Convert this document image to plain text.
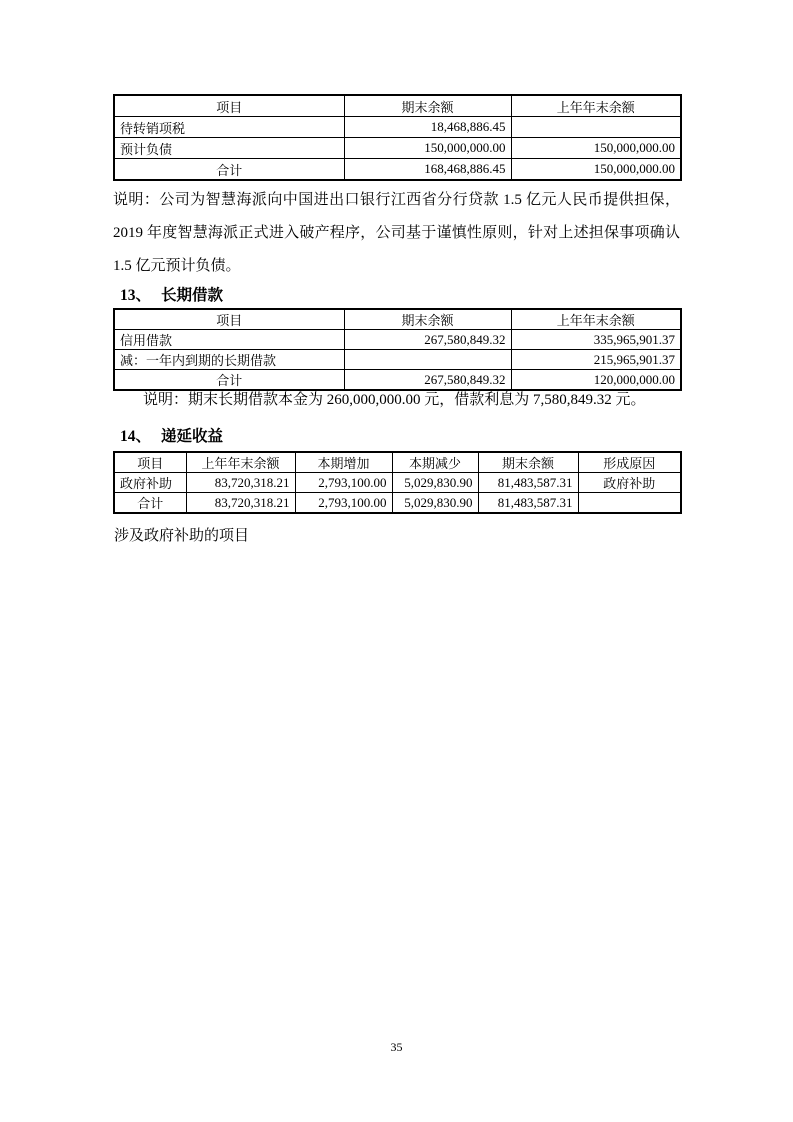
项目	期末余额	上年年末余额
待转销项税	18,468,886.45	
预计负债	150,000,000.00	150,000,000.00
合计	168,468,886.45	150,000,000.00

说明：公司为智慧海派向中国进出口银行江西省分行贷款 1.5 亿元人民币提供担保，2019 年度智慧海派正式进入破产程序，公司基于谨慎性原则，针对上述担保事项确认 1.5 亿元预计负债。

13、 长期借款
项目	期末余额	上年年末余额
信用借款	267,580,849.32	335,965,901.37
减：一年内到期的长期借款		215,965,901.37
合计	267,580,849.32	120,000,000.00

说明：期末长期借款本金为 260,000,000.00 元，借款利息为 7,580,849.32 元。

14、 递延收益
项目	上年年末余额	本期增加	本期减少	期末余额	形成原因
政府补助	83,720,318.21	2,793,100.00	5,029,830.90	81,483,587.31	政府补助
合计	83,720,318.21	2,793,100.00	5,029,830.90	81,483,587.31	

涉及政府补助的项目

35
